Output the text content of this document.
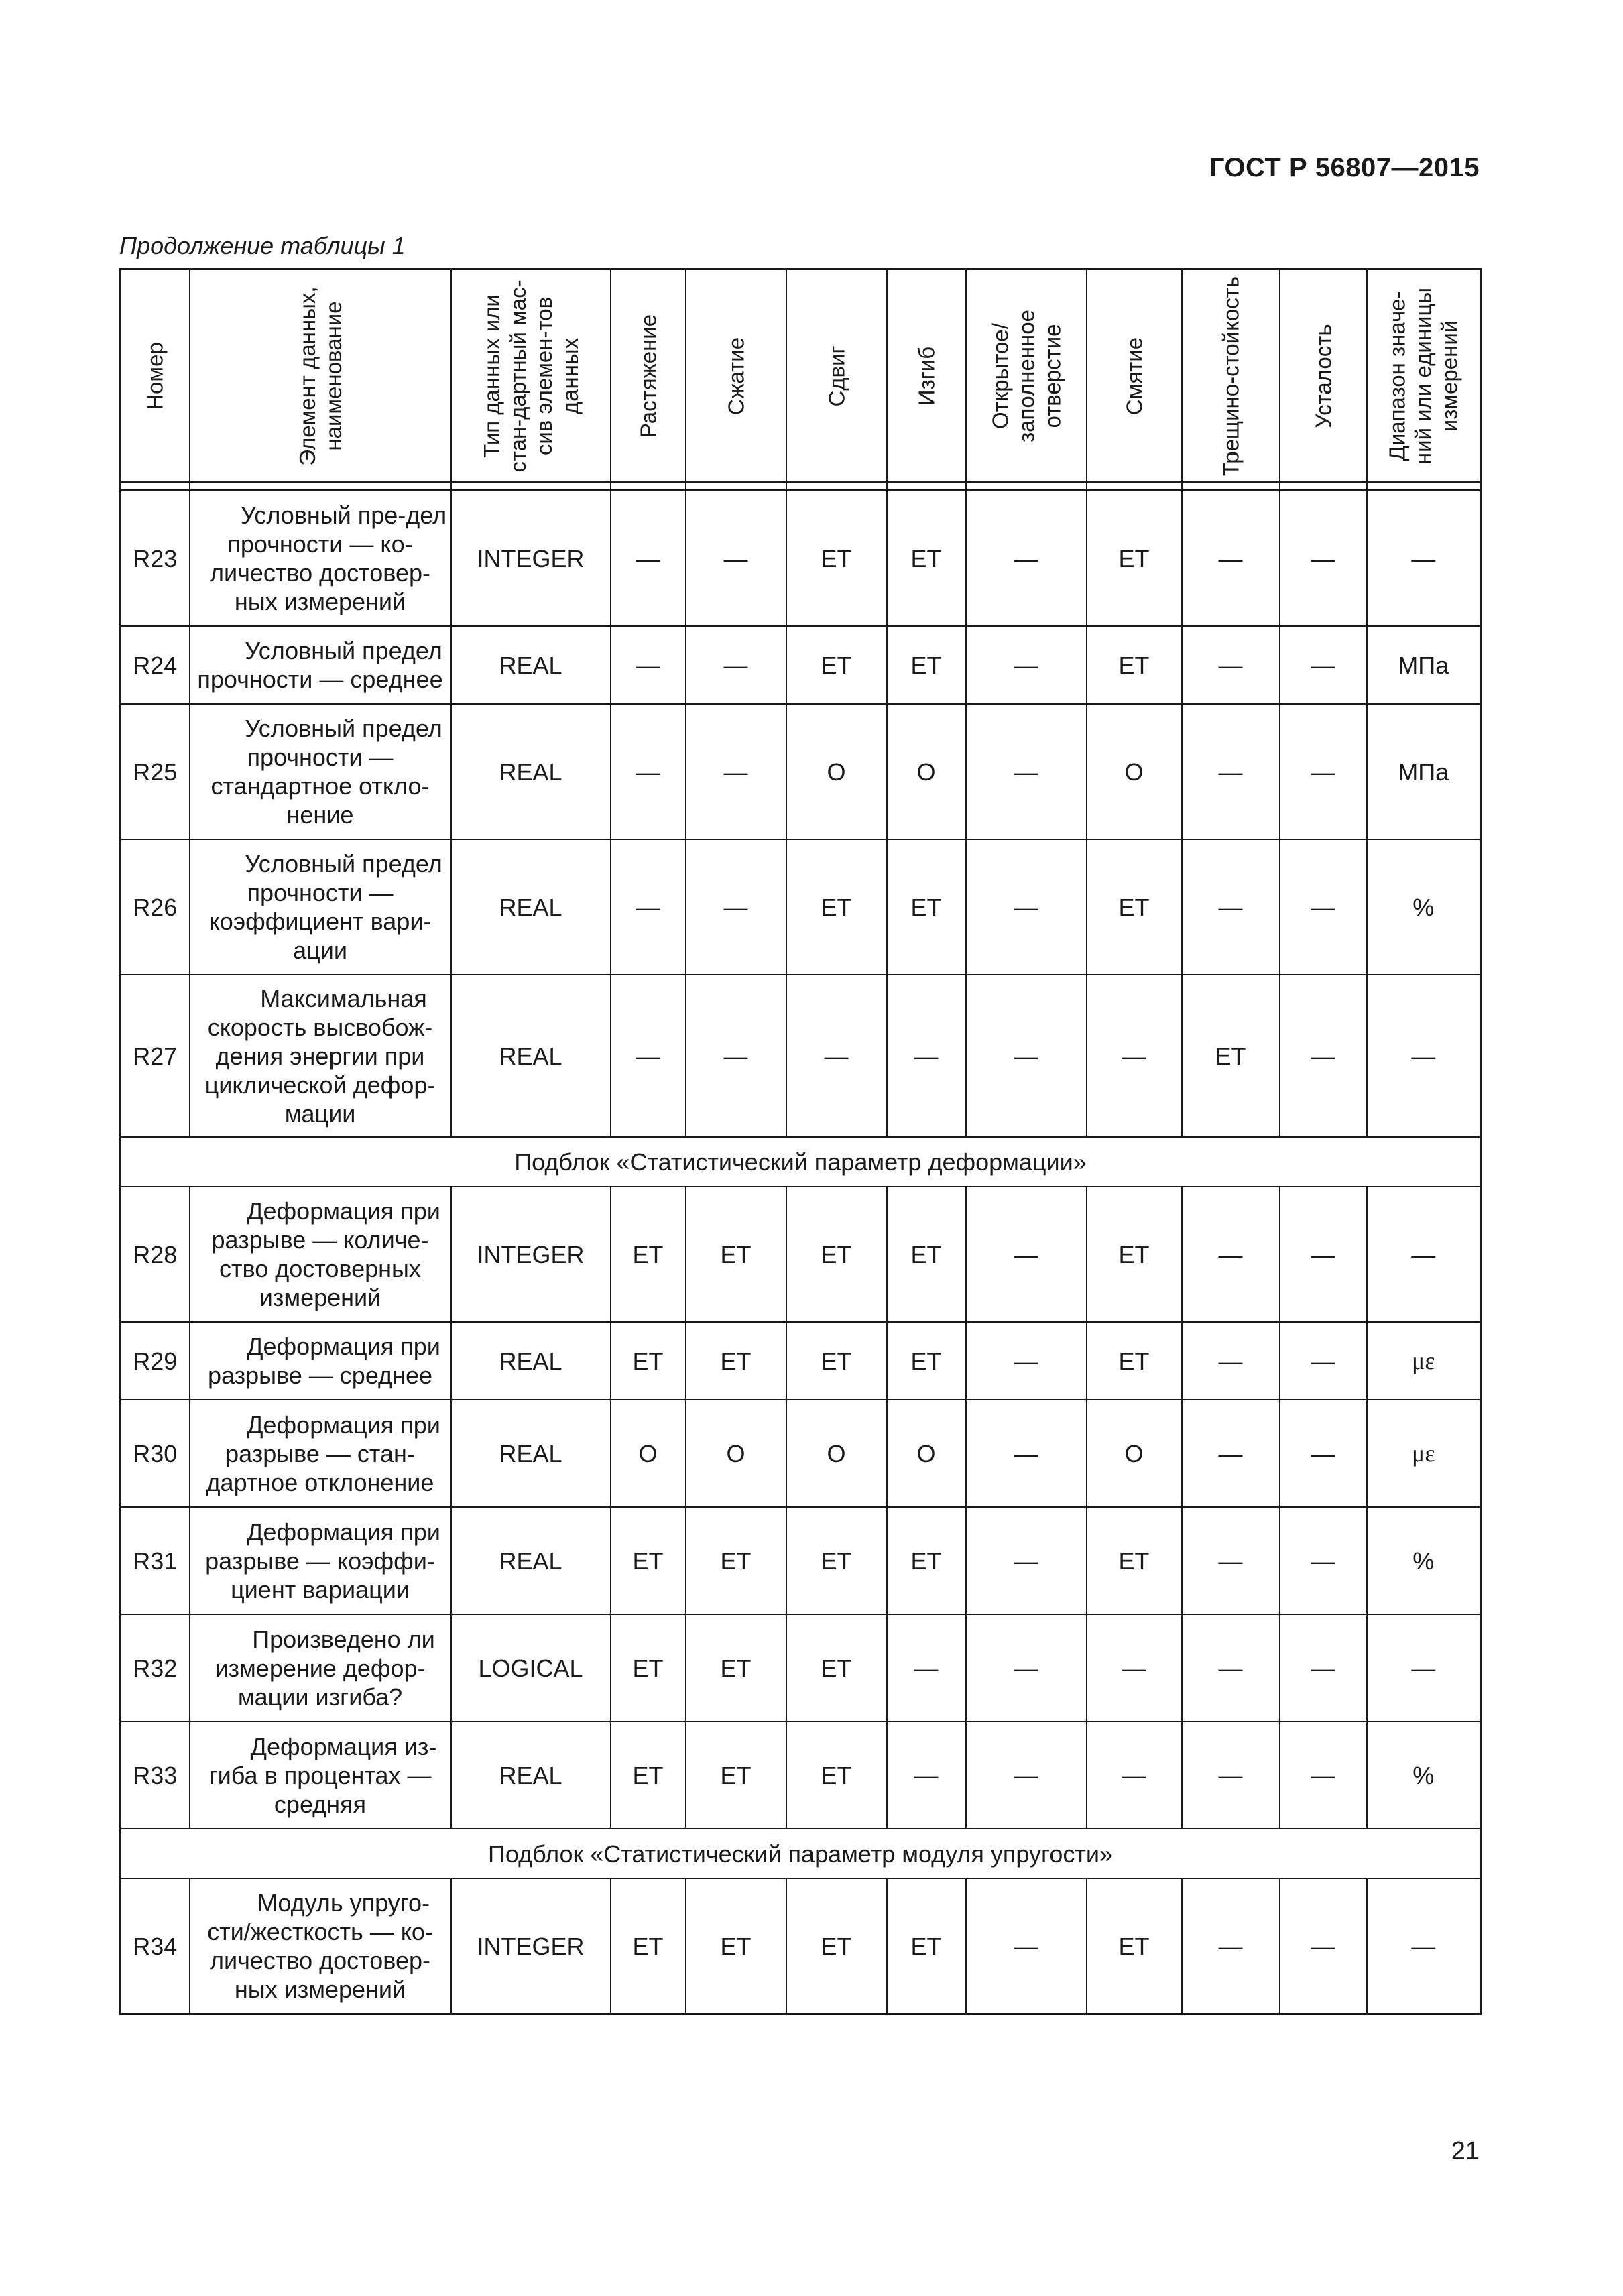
ГОСТ Р 56807—2015
Продолжение таблицы 1
Номер	Элемент данных, наименование	Тип данных или стан-дартный мас-сив элемен-тов данных	Растяжение	Сжатие	Сдвиг	Изгиб	Открытое/ заполненное отверстие	Смятие	Трещино-стойкость	Усталость	Диапазон значе-ний или единицы измерений

R23	Условный пре-дел прочности — ко-личество достовер-ных измерений	INTEGER	—	—	ET	ET	—	ET	—	—	—
R24	Условный предел прочности — среднее	REAL	—	—	ET	ET	—	ET	—	—	МПа
R25	Условный предел прочности — стандартное откло-нение	REAL	—	—	O	O	—	O	—	—	МПа
R26	Условный предел прочности — коэффициент вари-ации	REAL	—	—	ET	ET	—	ET	—	—	%
R27	Максимальная скорость высвобож-дения энергии при циклической дефор-мации	REAL	—	—	—	—	—	—	ET	—	—
Подблок «Статистический параметр деформации»											
R28	Деформация при разрыве — количе-ство достоверных измерений	INTEGER	ET	ET	ET	ET	—	ET	—	—	—
R29	Деформация при разрыве — среднее	REAL	ET	ET	ET	ET	—	ET	—	—	με
R30	Деформация при разрыве — стан-дартное отклонение	REAL	O	O	O	O	—	O	—	—	με
R31	Деформация при разрыве — коэффи-циент вариации	REAL	ET	ET	ET	ET	—	ET	—	—	%
R32	Произведено ли измерение дефор-мации изгиба?	LOGICAL	ET	ET	ET	—	—	—	—	—	—
R33	Деформация из-гиба в процентах — средняя	REAL	ET	ET	ET	—	—	—	—	—	%
Подблок «Статистический параметр модуля упругости»											
R34	Модуль упруго-сти/жесткость — ко-личество достовер-ных измерений	INTEGER	ET	ET	ET	ET	—	ET	—	—	—
21
